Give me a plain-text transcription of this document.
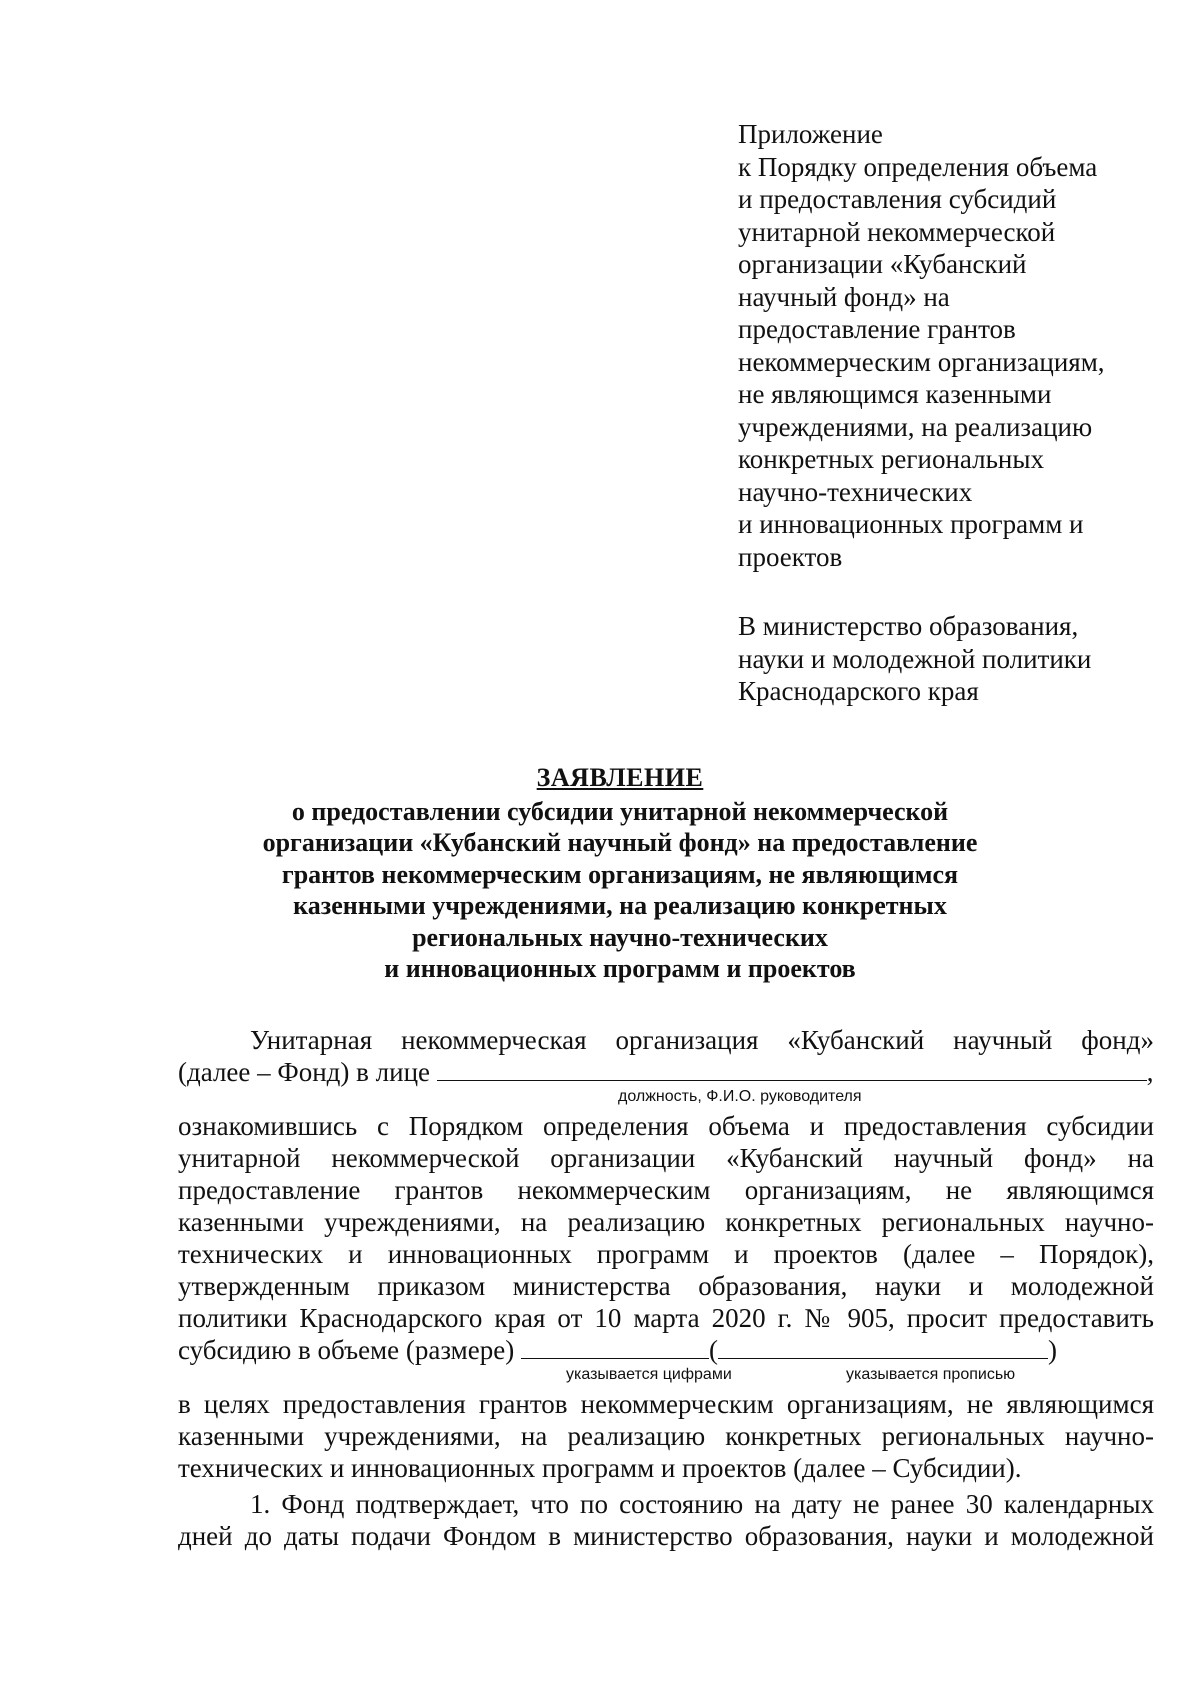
Приложение
к Порядку определения объема
и предоставления субсидий
унитарной некоммерческой
организации «Кубанский
научный фонд» на
предоставление грантов
некоммерческим организациям,
не являющимся казенными
учреждениями, на реализацию
конкретных региональных
научно-технических
и инновационных программ и
проектов
В министерство образования,
науки и молодежной политики
Краснодарского края
ЗАЯВЛЕНИЕ
о предоставлении субсидии унитарной некоммерческой
организации «Кубанский научный фонд» на предоставление
грантов некоммерческим организациям, не являющимся
казенными учреждениями, на реализацию конкретных
региональных научно-технических
и инновационных программ и проектов
Унитарная некоммерческая организация «Кубанский научный фонд»
(далее – Фонд) в лице	,
должность, Ф.И.О. руководителя
ознакомившись с Порядком определения объема и предоставления субсидии
унитарной некоммерческой организации «Кубанский научный фонд» на
предоставление грантов некоммерческим организациям, не являющимся
казенными учреждениями, на реализацию конкретных региональных научно-
технических и инновационных программ и проектов (далее – Порядок),
утвержденным приказом министерства образования, науки и молодежной
политики Краснодарского края от 10 марта 2020 г. № 905, просит предоставить
субсидию в объеме (размере)	(	)
указывается цифрами	указывается прописью
в целях предоставления грантов некоммерческим организациям, не являющимся
казенными учреждениями, на реализацию конкретных региональных научно-
технических и инновационных программ и проектов (далее – Субсидии).
1. Фонд подтверждает, что по состоянию на дату не ранее 30 календарных
дней до даты подачи Фондом в министерство образования, науки и молодежной
